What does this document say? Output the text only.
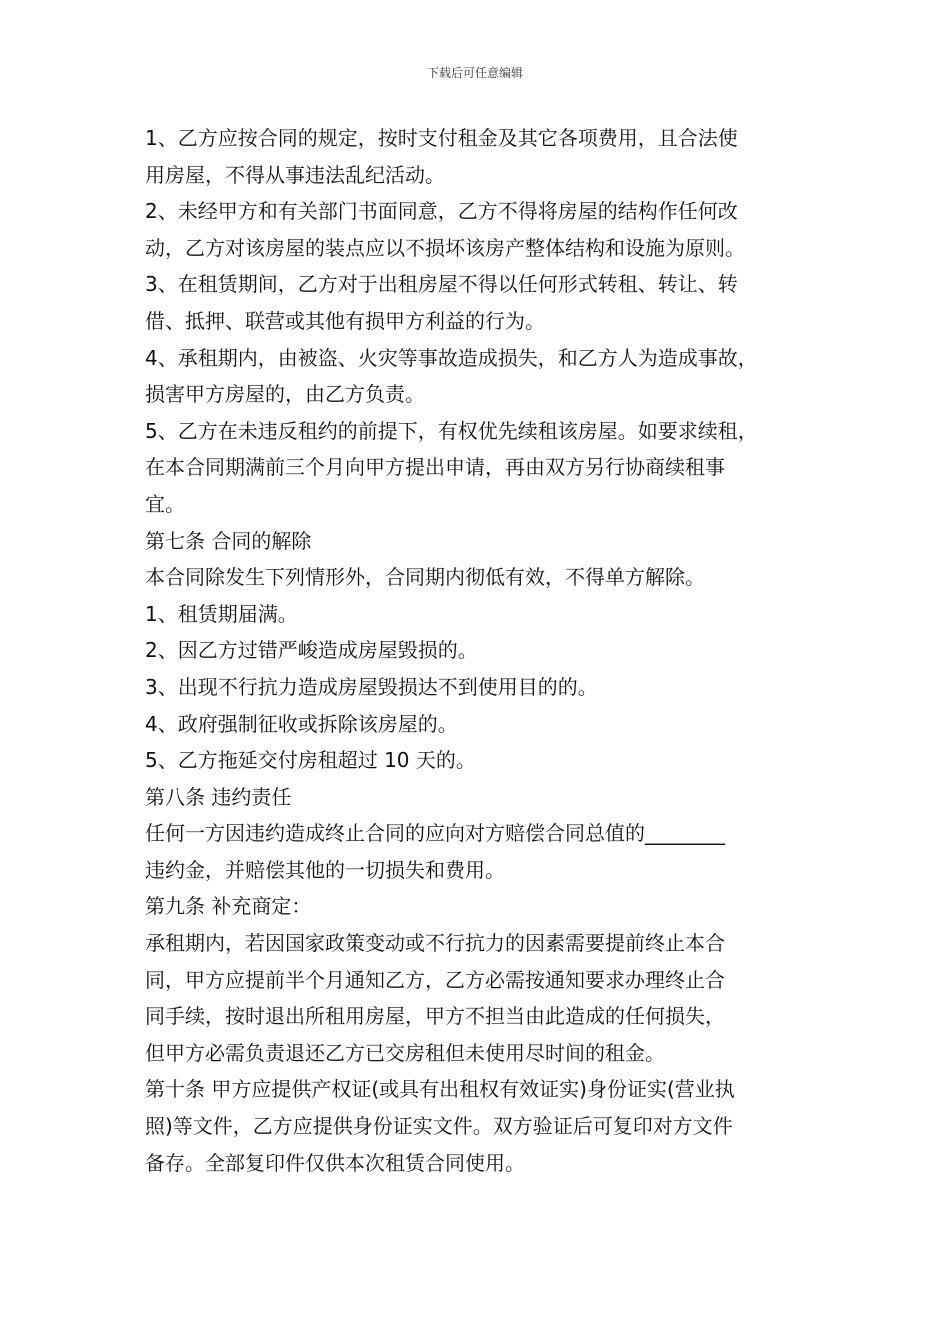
下载后可任意编辑
1、乙方应按合同的规定，按时支付租金及其它各项费用，且合法使
用房屋，不得从事违法乱纪活动。
2、未经甲方和有关部门书面同意，乙方不得将房屋的结构作任何改
动，乙方对该房屋的装点应以不损坏该房产整体结构和设施为原则。
3、在租赁期间，乙方对于出租房屋不得以任何形式转租、转让、转
借、抵押、联营或其他有损甲方利益的行为。
4、承租期内，由被盗、火灾等事故造成损失，和乙方人为造成事故，
损害甲方房屋的，由乙方负责。
5、乙方在未违反租约的前提下，有权优先续租该房屋。如要求续租，
在本合同期满前三个月向甲方提出申请，再由双方另行协商续租事
宜。
第七条 合同的解除
本合同除发生下列情形外，合同期内彻低有效，不得单方解除。
1、租赁期届满。
2、因乙方过错严峻造成房屋毁损的。
3、出现不行抗力造成房屋毁损达不到使用目的的。
4、政府强制征收或拆除该房屋的。
5、乙方拖延交付房租超过 10 天的。
第八条 违约责任
任何一方因违约造成终止合同的应向对方赔偿合同总值的________
违约金，并赔偿其他的一切损失和费用。
第九条 补充商定：
承租期内，若因国家政策变动或不行抗力的因素需要提前终止本合
同，甲方应提前半个月通知乙方，乙方必需按通知要求办理终止合
同手续，按时退出所租用房屋，甲方不担当由此造成的任何损失，
但甲方必需负责退还乙方已交房租但未使用尽时间的租金。
第十条 甲方应提供产权证(或具有出租权有效证实)身份证实(营业执
照)等文件，乙方应提供身份证实文件。双方验证后可复印对方文件
备存。全部复印件仅供本次租赁合同使用。
